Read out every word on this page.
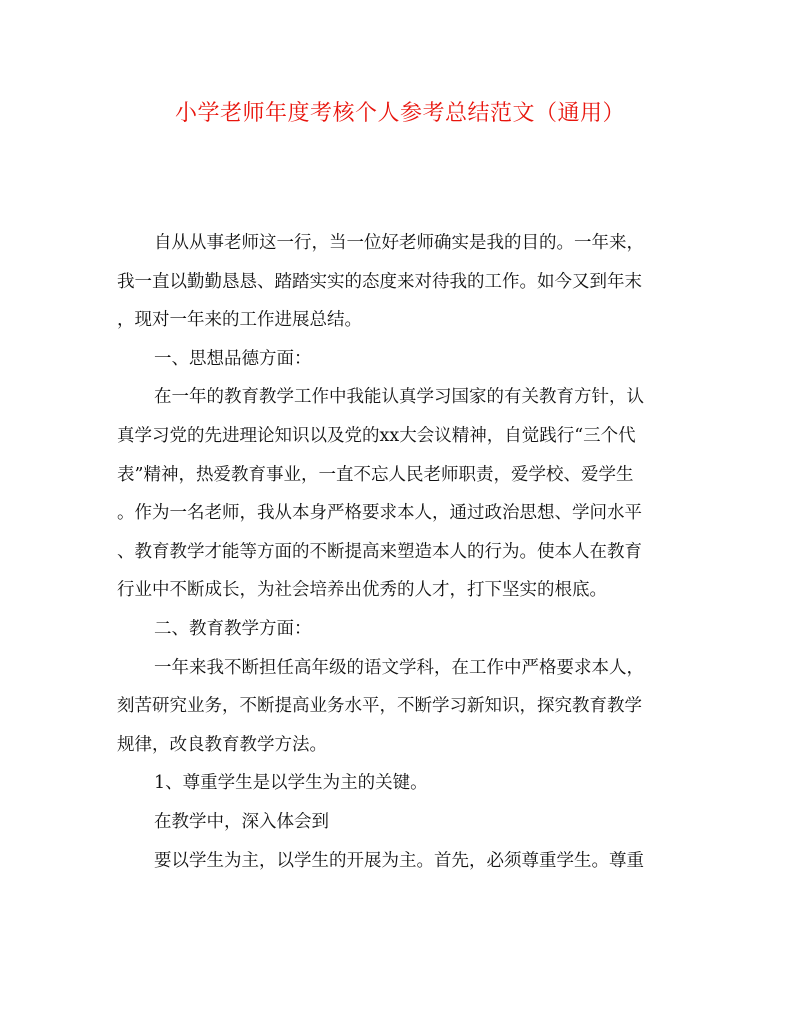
小学老师年度考核个人参考总结范文（通用）
自从从事老师这一行，当一位好老师确实是我的目的。一年来，
我一直以勤勤恳恳、踏踏实实的态度来对待我的工作。如今又到年末
，现对一年来的工作进展总结。
一、思想品德方面：
在一年的教育教学工作中我能认真学习国家的有关教育方针，认
真学习党的先进理论知识以及党的xx大会议精神，自觉践行“三个代
表”精神，热爱教育事业，一直不忘人民老师职责，爱学校、爱学生
。作为一名老师，我从本身严格要求本人，通过政治思想、学问水平
、教育教学才能等方面的不断提高来塑造本人的行为。使本人在教育
行业中不断成长，为社会培养出优秀的人才，打下坚实的根底。
二、教育教学方面：
一年来我不断担任高年级的语文学科，在工作中严格要求本人，
刻苦研究业务，不断提高业务水平，不断学习新知识，探究教育教学
规律，改良教育教学方法。
1、尊重学生是以学生为主的关键。
在教学中，深入体会到
要以学生为主，以学生的开展为主。首先，必须尊重学生。尊重
